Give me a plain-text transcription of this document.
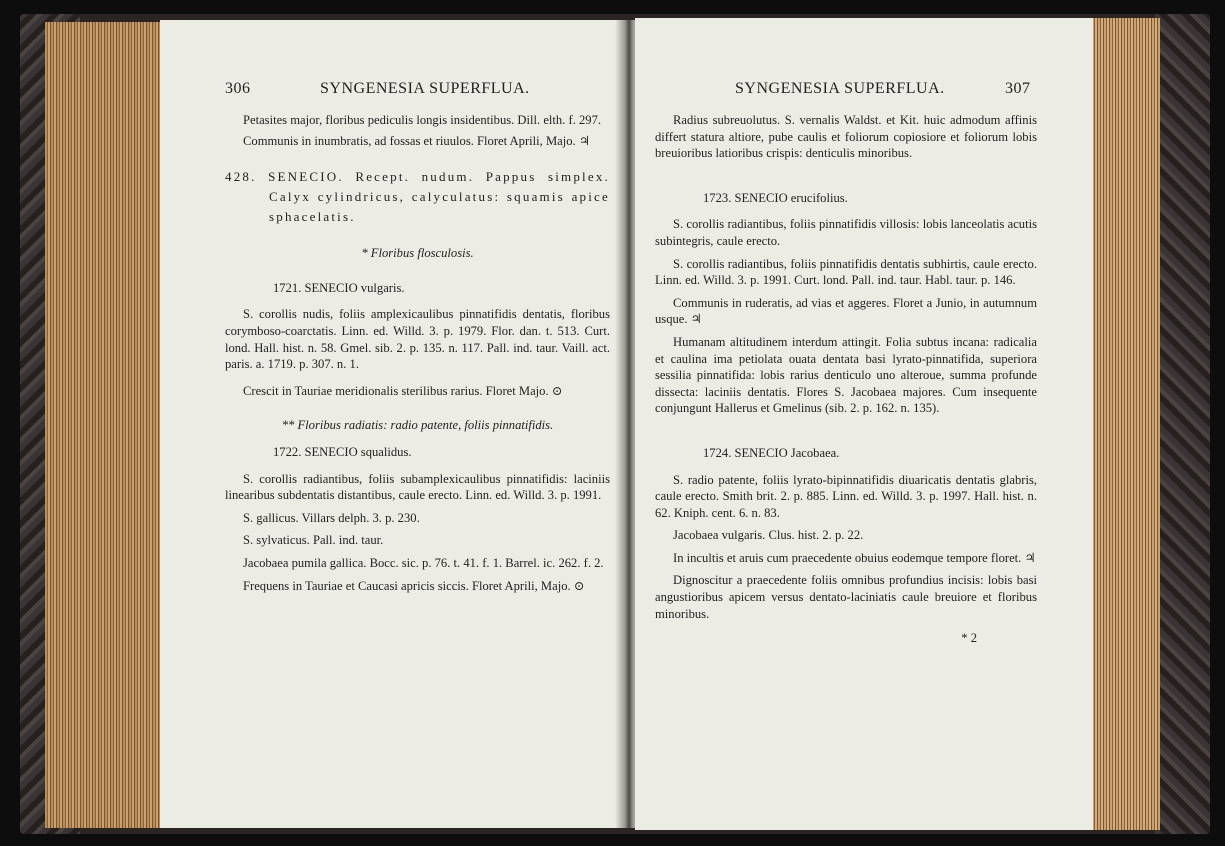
306	SYNGENESIA SUPERFLUA.

Petasites major, floribus pediculis longis insidentibus. Dill. elth. f. 297.

Communis in inumbratis, ad fossas et riuulos. Floret Aprili, Majo. ♃

428. SENECIO. Recept. nudum. Pappus simplex. Calyx cylindricus, calyculatus: squamis apice sphacelatis.

* Floribus flosculosis.

1721. SENECIO vulgaris.

S. corollis nudis, foliis amplexicaulibus pinnatifidis dentatis, floribus corymboso-coarctatis. Linn. ed. Willd. 3. p. 1979. Flor. dan. t. 513. Curt. lond. Hall. hist. n. 58. Gmel. sib. 2. p. 135. n. 117. Pall. ind. taur. Vaill. act. paris. a. 1719. p. 307. n. 1.

Crescit in Tauriae meridionalis sterilibus rarius. Floret Majo. ⊙

** Floribus radiatis: radio patente, foliis pinnatifidis.

1722. SENECIO squalidus.

S. corollis radiantibus, foliis subamplexicaulibus pinnatifidis: laciniis linearibus subdentatis distantibus, caule erecto. Linn. ed. Willd. 3. p. 1991.

S. gallicus. Villars delph. 3. p. 230.

S. sylvaticus. Pall. ind. taur.

Jacobaea pumila gallica. Bocc. sic. p. 76. t. 41. f. 1. Barrel. ic. 262. f. 2.

Frequens in Tauriae et Caucasi apricis siccis. Floret Aprili, Majo. ⊙

SYNGENESIA SUPERFLUA.	307

Radius subreuolutus. S. vernalis Waldst. et Kit. huic admodum affinis differt statura altiore, pube caulis et foliorum copiosiore et foliorum lobis breuioribus latioribus crispis: denticulis minoribus.

1723. SENECIO erucifolius.

S. corollis radiantibus, foliis pinnatifidis villosis: lobis lanceolatis acutis subintegris, caule erecto.

S. corollis radiantibus, foliis pinnatifidis dentatis subhirtis, caule erecto. Linn. ed. Willd. 3. p. 1991. Curt. lond. Pall. ind. taur. Habl. taur. p. 146.

Communis in ruderatis, ad vias et aggeres. Floret a Junio, in autumnum usque. ♃

Humanam altitudinem interdum attingit. Folia subtus incana: radicalia et caulina ima petiolata ouata dentata basi lyrato-pinnatifida, superiora sessilia pinnatifida: lobis rarius denticulo uno alteroue, summa profunde dissecta: laciniis dentatis. Flores S. Jacobaea majores. Cum insequente conjungunt Hallerus et Gmelinus (sib. 2. p. 162. n. 135).

1724. SENECIO Jacobaea.

S. radio patente, foliis lyrato-bipinnatifidis diuaricatis dentatis glabris, caule erecto. Smith brit. 2. p. 885. Linn. ed. Willd. 3. p. 1997. Hall. hist. n. 62. Kniph. cent. 6. n. 83.

Jacobaea vulgaris. Clus. hist. 2. p. 22.

In incultis et aruis cum praecedente obuius eodemque tempore floret. ♃

Dignoscitur a praecedente foliis omnibus profundius incisis: lobis basi angustioribus apicem versus dentato-laciniatis caule breuiore et floribus minoribus.

* 2
